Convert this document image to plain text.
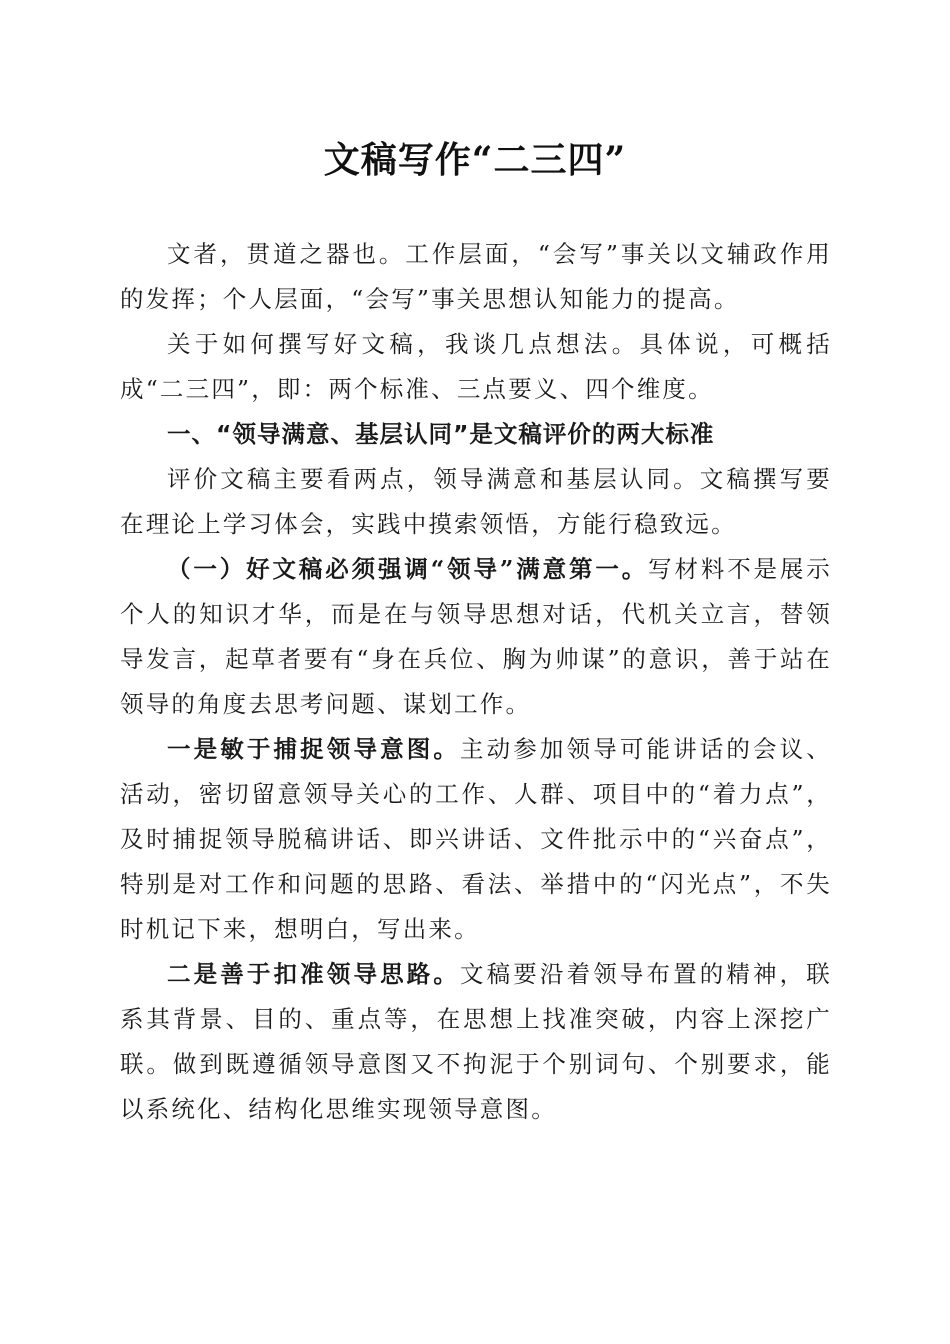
文稿写作“二三四”

文者，贯道之器也。工作层面，“会写”事关以文辅政作用的发挥；个人层面，“会写”事关思想认知能力的提高。

关于如何撰写好文稿，我谈几点想法。具体说，可概括成“二三四”，即：两个标准、三点要义、四个维度。

一、“领导满意、基层认同”是文稿评价的两大标准

评价文稿主要看两点，领导满意和基层认同。文稿撰写要在理论上学习体会，实践中摸索领悟，方能行稳致远。

（一）好文稿必须强调“领导”满意第一。写材料不是展示个人的知识才华，而是在与领导思想对话，代机关立言，替领导发言，起草者要有“身在兵位、胸为帅谋”的意识，善于站在领导的角度去思考问题、谋划工作。

一是敏于捕捉领导意图。主动参加领导可能讲话的会议、活动，密切留意领导关心的工作、人群、项目中的“着力点”，及时捕捉领导脱稿讲话、即兴讲话、文件批示中的“兴奋点”，特别是对工作和问题的思路、看法、举措中的“闪光点”，不失时机记下来，想明白，写出来。

二是善于扣准领导思路。文稿要沿着领导布置的精神，联系其背景、目的、重点等，在思想上找准突破，内容上深挖广联。做到既遵循领导意图又不拘泥于个别词句、个别要求，能以系统化、结构化思维实现领导意图。
